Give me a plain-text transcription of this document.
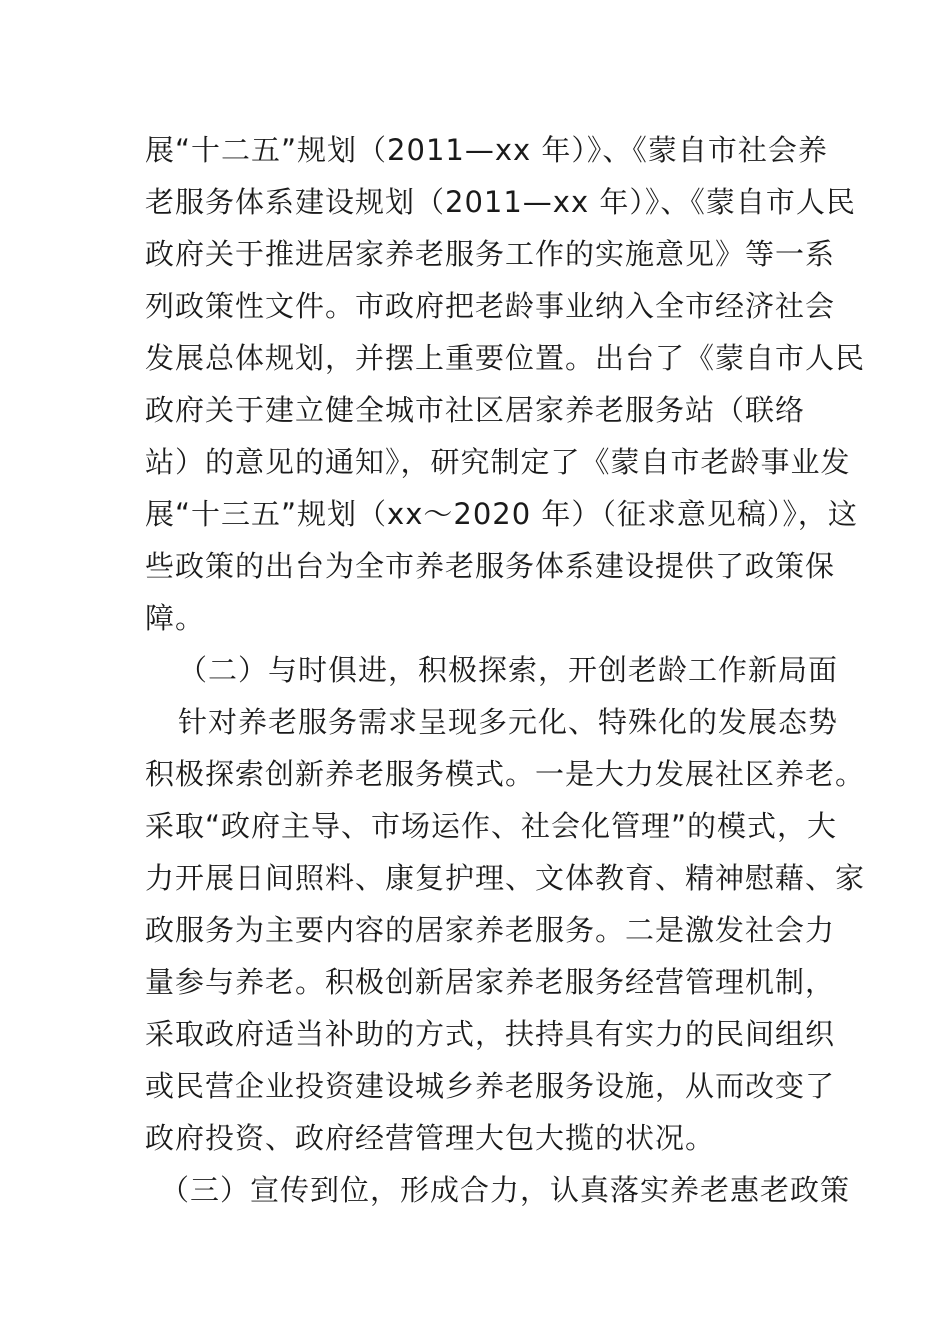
展“十二五”规划（2011—xx 年）》、《蒙自市社会养
老服务体系建设规划（2011—xx 年）》、《蒙自市人民
政府关于推进居家养老服务工作的实施意见》等一系
列政策性文件。市政府把老龄事业纳入全市经济社会
发展总体规划，并摆上重要位置。出台了《蒙自市人民
政府关于建立健全城市社区居家养老服务站（联络
站）的意见的通知》，研究制定了《蒙自市老龄事业发
展“十三五”规划（xx～2020 年）（征求意见稿）》，这
些政策的出台为全市养老服务体系建设提供了政策保
障。
（二）与时俱进，积极探索，开创老龄工作新局面
针对养老服务需求呈现多元化、特殊化的发展态势
积极探索创新养老服务模式。一是大力发展社区养老。
采取“政府主导、市场运作、社会化管理”的模式，大
力开展日间照料、康复护理、文体教育、精神慰藉、家
政服务为主要内容的居家养老服务。二是激发社会力
量参与养老。积极创新居家养老服务经营管理机制，
采取政府适当补助的方式，扶持具有实力的民间组织
或民营企业投资建设城乡养老服务设施，从而改变了
政府投资、政府经营管理大包大揽的状况。
（三）宣传到位，形成合力，认真落实养老惠老政策
